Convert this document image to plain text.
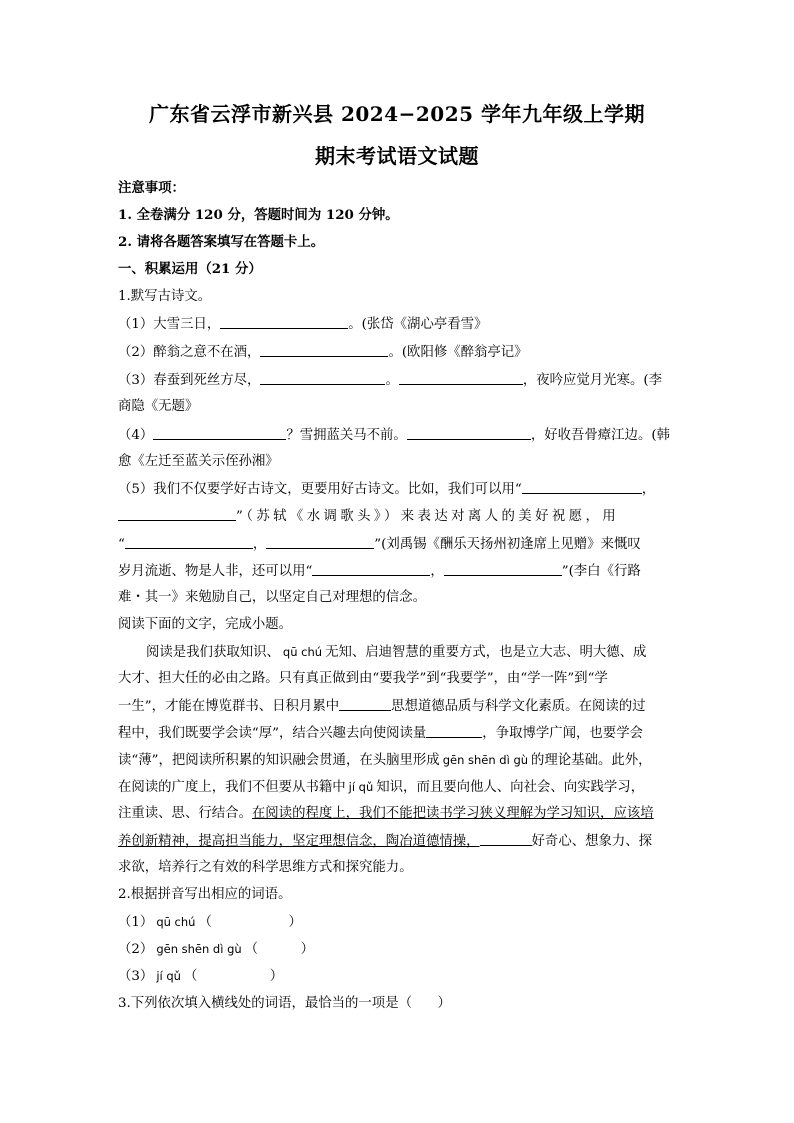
广东省云浮市新兴县 2024−2025 学年九年级上学期
期末考试语文试题
注意事项：
1. 全卷满分 120 分，答题时间为 120 分钟。
2. 请将各题答案填写在答题卡上。
一、积累运用（21 分）
1.默写古诗文。
（1）大雪三日，	。(张岱《湖心亭看雪》
（2）醉翁之意不在酒，	。(欧阳修《醉翁亭记》
（3）春蚕到死丝方尽，	。	，夜吟应觉月光寒。(李
商隐《无题》
（4）	？雪拥蓝关马不前。	，好收吾骨瘴江边。(韩
愈《左迁至蓝关示侄孙湘》
（5）我们不仅要学好古诗文，更要用好古诗文。比如，我们可以用“	，
”（苏轼《水调歌头》）来表达对离人的美好祝愿，用
“	，	”(刘禹锡《酬乐天扬州初逢席上见赠》来慨叹
岁月流逝、物是人非，还可以用“	，	”(李白《行路
难・其一》来勉励自己，以坚定自己对理想的信念。
阅读下面的文字，完成小题。
阅读是我们获取知识、 qū chú 无知、启迪智慧的重要方式，也是立大志、明大德、成
大才、担大任的必由之路。只有真正做到由“要我学”到“我要学”，由“学一阵”到“学
一生”，才能在博览群书、日积月累中	思想道德品质与科学文化素质。在阅读的过
程中，我们既要学会读“厚”，结合兴趣去向使阅读量	，争取博学广闻，也要学会
读“薄”，把阅读所积累的知识融会贯通，在头脑里形成 gēn shēn dì gù 的理论基础。此外，
在阅读的广度上，我们不但要从书籍中 jí qǔ 知识，而且要向他人、向社会、向实践学习，
注重读、思、行结合。在阅读的程度上，我们不能把读书学习狭义理解为学习知识，应该培
养创新精神，提高担当能力，坚定理想信念，陶冶道德情操，	好奇心、想象力、探
求欲，培养行之有效的科学思维方式和探究能力。
2.根据拼音写出相应的词语。
（1） qū chú （                  ）
（2） gēn shēn dì gù （          ）
（3） jí qǔ （                 ）
3.下列依次填入横线处的词语，最恰当的一项是（      ）
